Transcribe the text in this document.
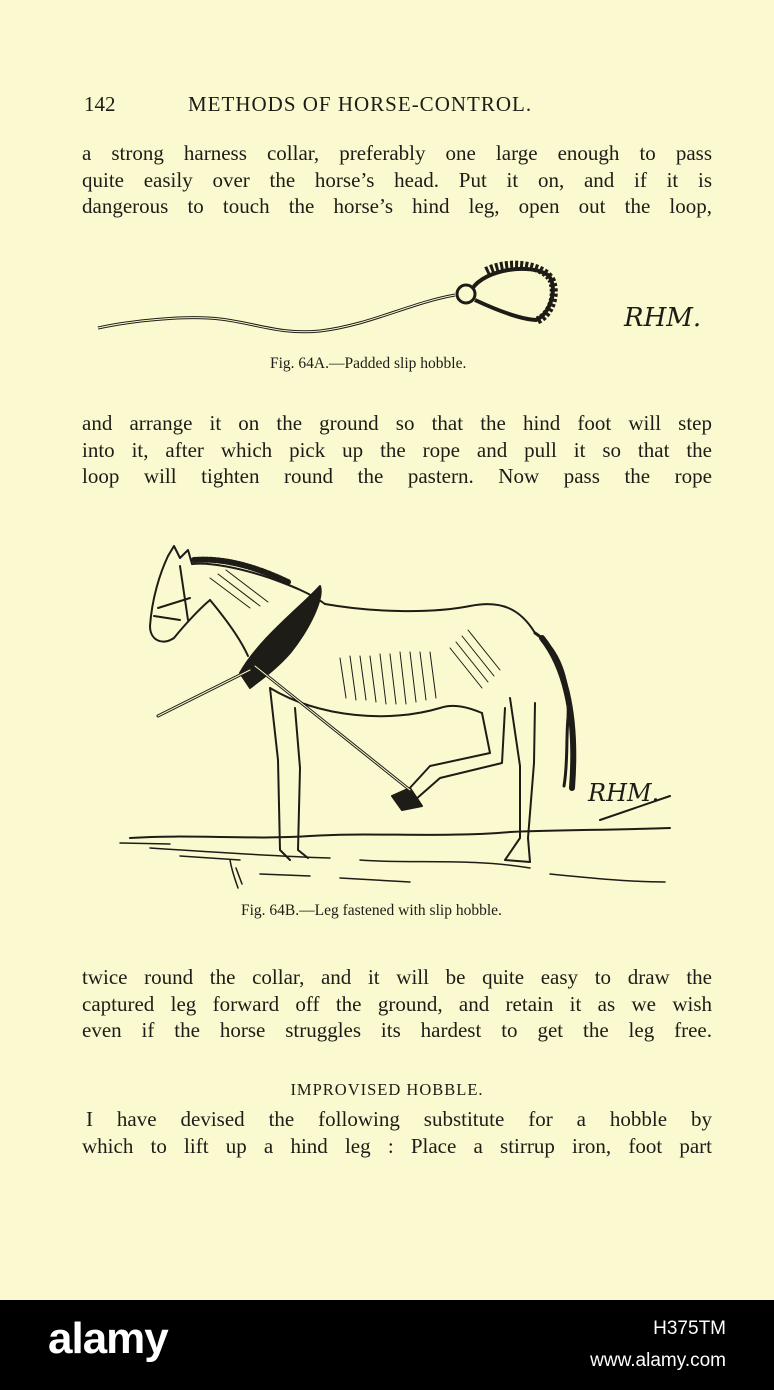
142	METHODS OF HORSE-CONTROL.

a strong harness collar, preferably one large enough to pass
quite easily over the horse’s head. Put it on, and if it is
dangerous to touch the horse’s hind leg, open out the loop,

RHM.
Fig. 64A.—Padded slip hobble.

and arrange it on the ground so that the hind foot will step
into it, after which pick up the rope and pull it so that the
loop will tighten round the pastern. Now pass the rope

RHM.
Fig. 64B.—Leg fastened with slip hobble.

twice round the collar, and it will be quite easy to draw the
captured leg forward off the ground, and retain it as we wish
even if the horse struggles its hardest to get the leg free.

IMPROVISED HOBBLE.

I have devised the following substitute for a hobble by
which to lift up a hind leg : Place a stirrup iron, foot part

alamy	H375TM
www.alamy.com
